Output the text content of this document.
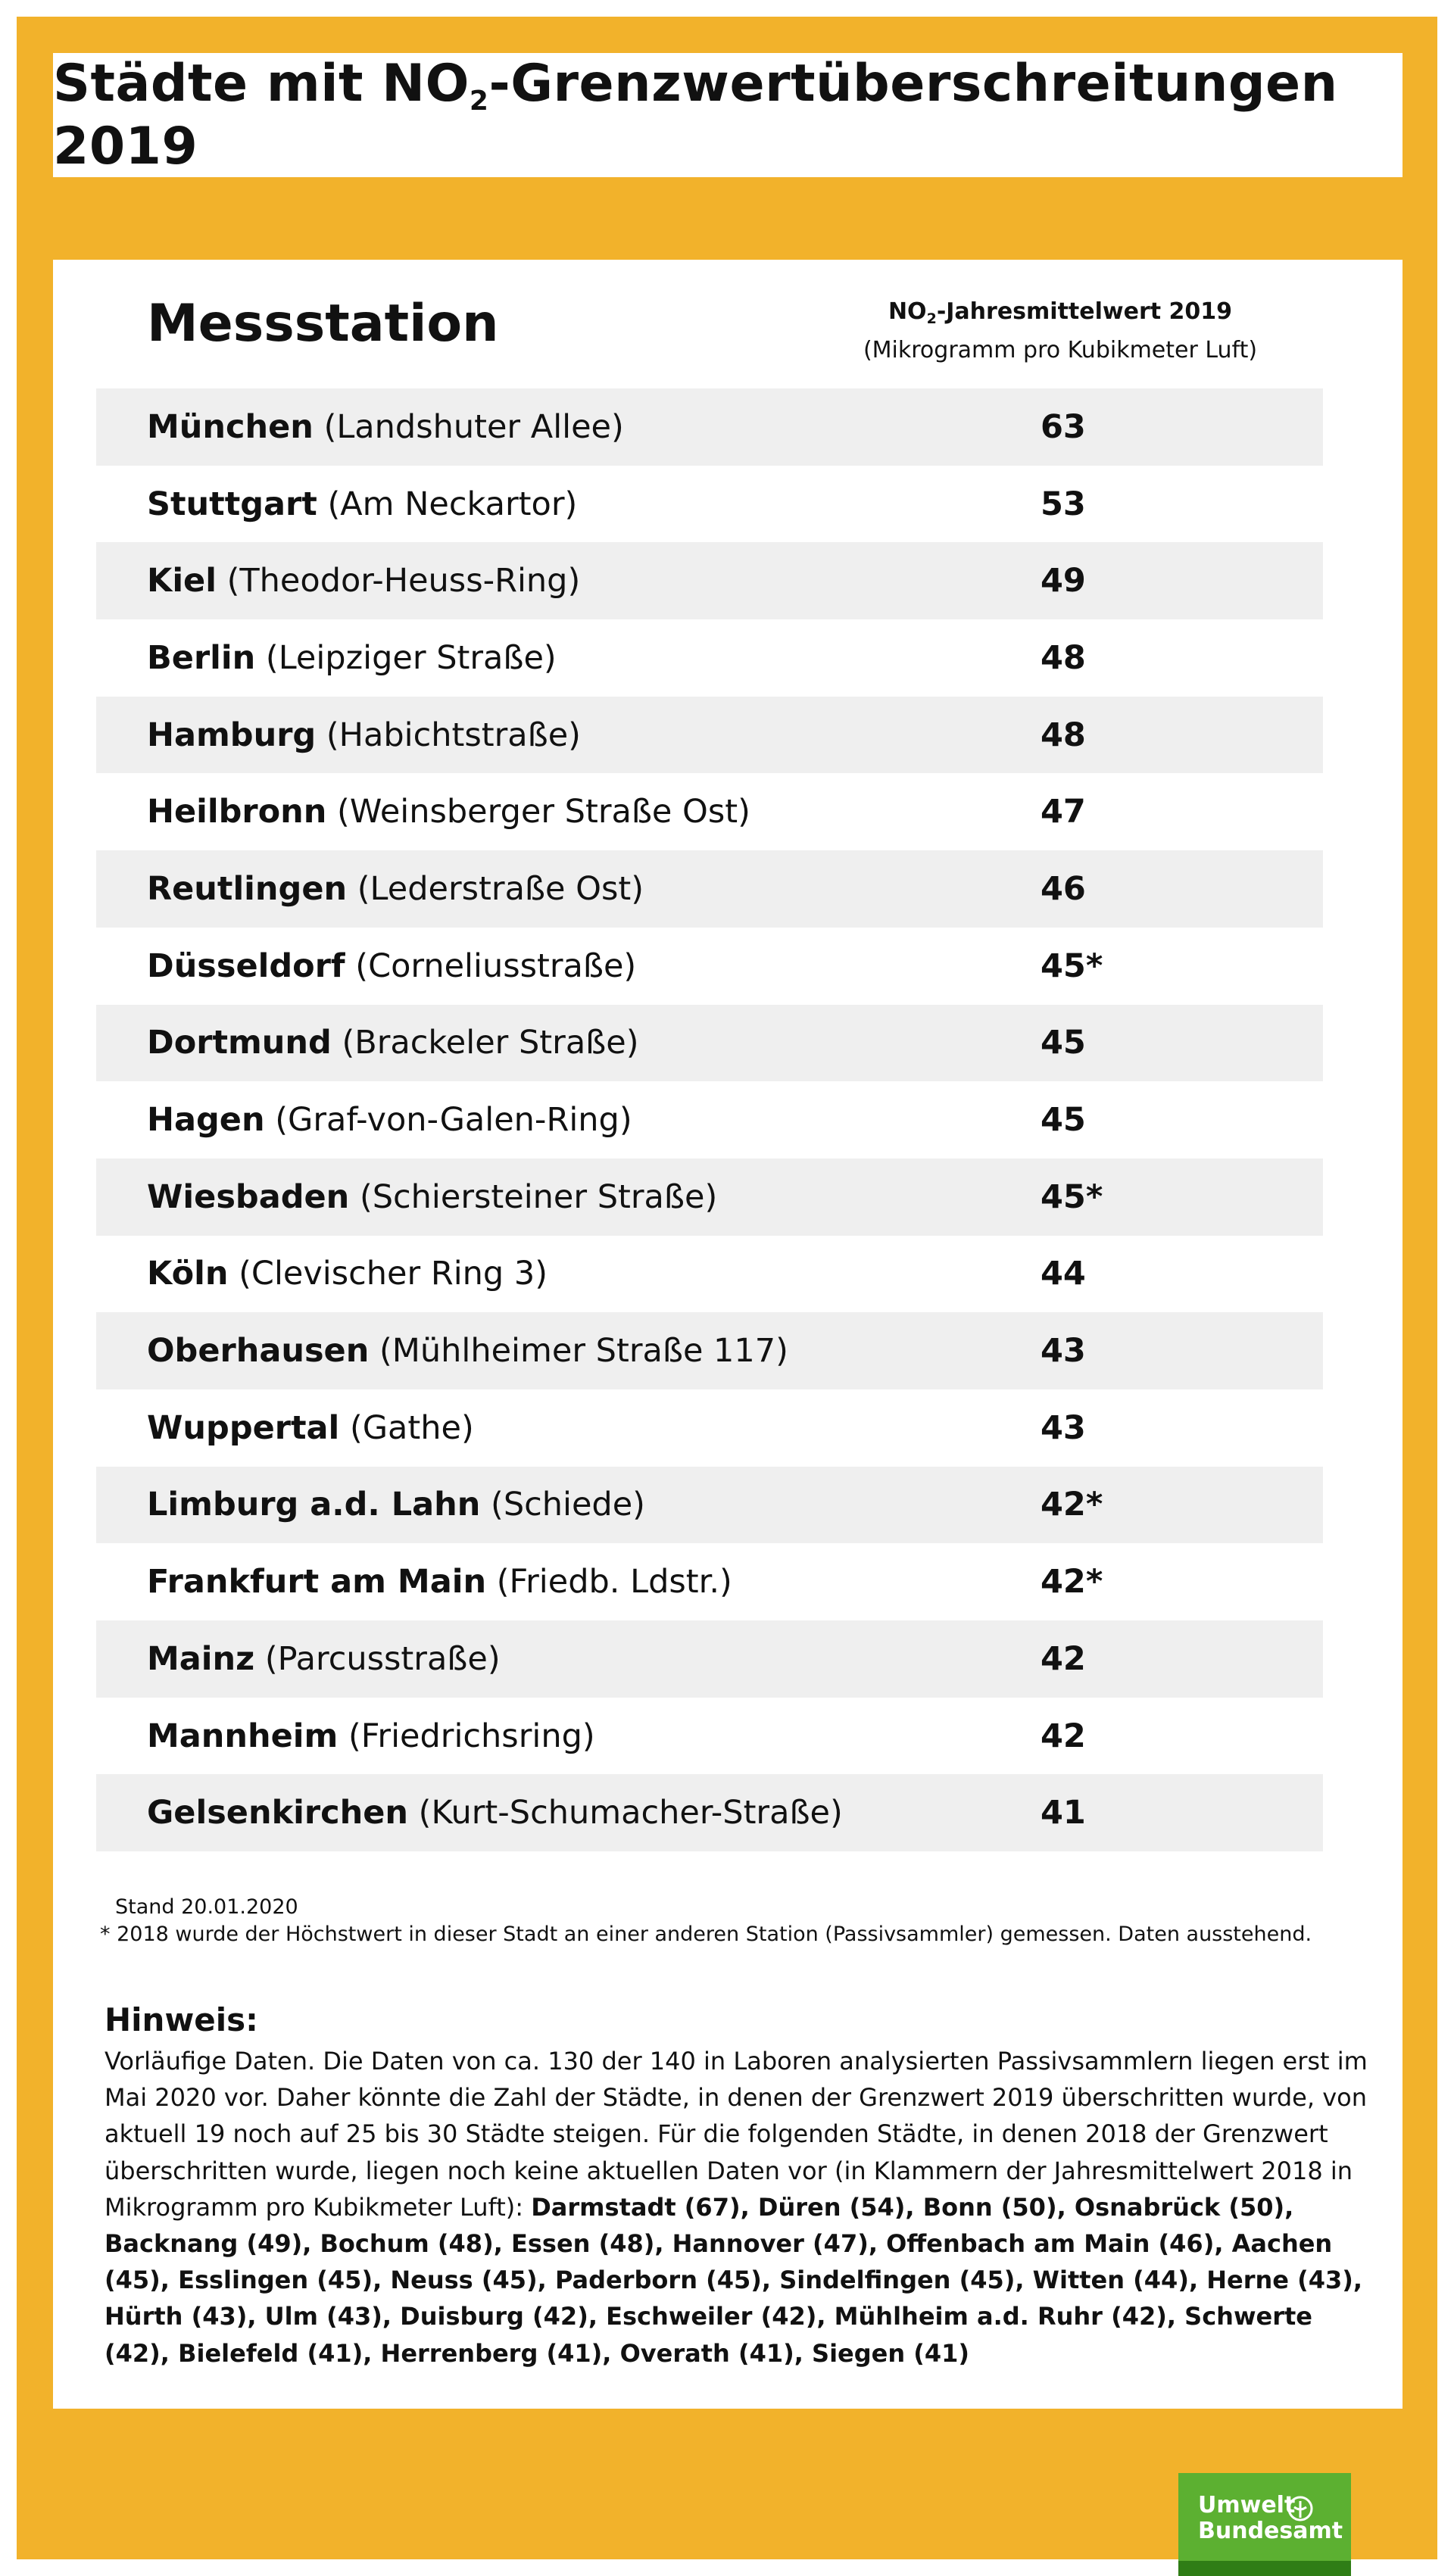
Städte mit $NO_2$-Grenzwertüberschreitungen 2019
Messstation	$NO_2$-Jahresmittelwert 2019
(Mikrogramm pro Kubikmeter Luft)
München (Landshuter Allee)	63
Stuttgart (Am Neckartor)	53
Kiel (Theodor-Heuss-Ring)	49
Berlin (Leipziger Straße)	48
Hamburg (Habichtstraße)	48
Heilbronn (Weinsberger Straße Ost)	47
Reutlingen (Lederstraße Ost)	46
Düsseldorf (Corneliusstraße)	45*
Dortmund (Brackeler Straße)	45
Hagen (Graf-von-Galen-Ring)	45
Wiesbaden (Schiersteiner Straße)	45*
Köln (Clevischer Ring 3)	44
Oberhausen (Mühlheimer Straße 117)	43
Wuppertal (Gathe)	43
Limburg a.d. Lahn (Schiede)	42*
Frankfurt am Main (Friedb. Ldstr.)	42*
Mainz (Parcusstraße)	42
Mannheim (Friedrichsring)	42
Gelsenkirchen (Kurt-Schumacher-Straße)	41
Stand 20.01.2020
* 2018 wurde der Höchstwert in dieser Stadt an einer anderen Station (Passivsammler) gemessen. Daten ausstehend.
Hinweis:
Vorläufige Daten. Die Daten von ca. 130 der 140 in Laboren analysierten Passivsammlern liegen erst im Mai 2020 vor. Daher könnte die Zahl der Städte, in denen der Grenzwert 2019 überschritten wurde, von aktuell 19 noch auf 25 bis 30 Städte steigen. Für die folgenden Städte, in denen 2018 der Grenzwert überschritten wurde, liegen noch keine aktuellen Daten vor (in Klammern der Jahresmittelwert 2018 in Mikrogramm pro Kubikmeter Luft): Darmstadt (67), Düren (54), Bonn (50), Osnabrück (50), Backnang (49), Bochum (48), Essen (48), Hannover (47), Offenbach am Main (46), Aachen (45), Esslingen (45), Neuss (45), Paderborn (45), Sindelfingen (45), Witten (44), Herne (43), Hürth (43), Ulm (43), Duisburg (42), Eschweiler (42), Mühlheim a.d. Ruhr (42), Schwerte (42), Bielefeld (41), Herrenberg (41), Overath (41), Siegen (41)
Umwelt
Bundesamt
